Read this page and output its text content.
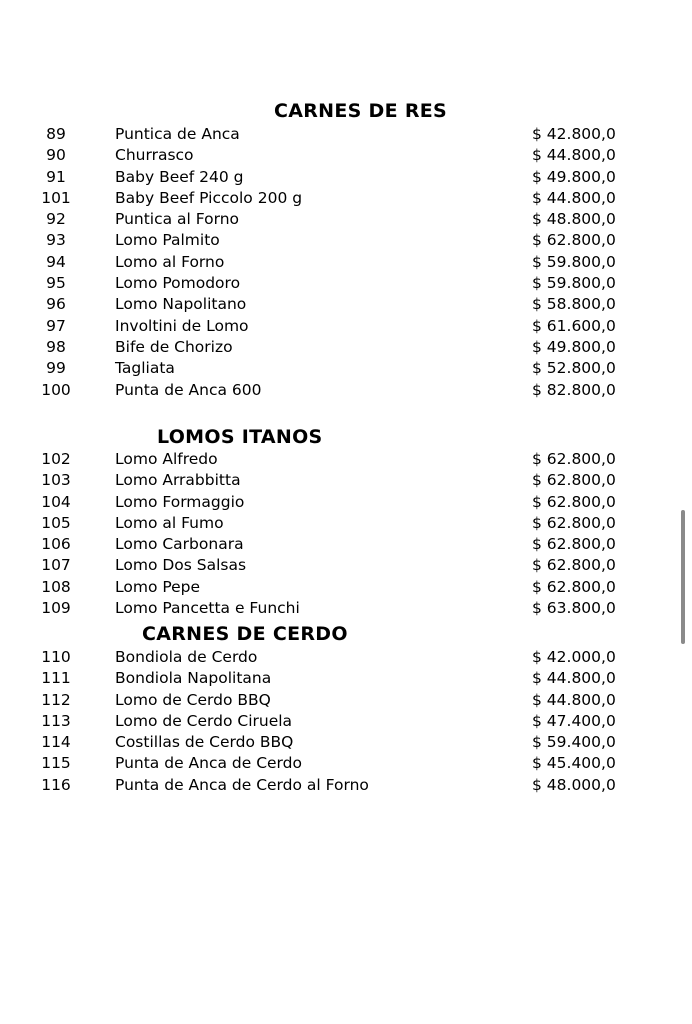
CARNES DE RES
89	Puntica de Anca	$ 42.800,0
90	Churrasco	$ 44.800,0
91	Baby Beef 240 g	$ 49.800,0
101	Baby Beef Piccolo 200 g	$ 44.800,0
92	Puntica al Forno	$ 48.800,0
93	Lomo Palmito	$ 62.800,0
94	Lomo al Forno	$ 59.800,0
95	Lomo Pomodoro	$ 59.800,0
96	Lomo Napolitano	$ 58.800,0
97	Involtini de Lomo	$ 61.600,0
98	Bife de Chorizo	$ 49.800,0
99	Tagliata	$ 52.800,0
100	Punta de Anca 600	$ 82.800,0
LOMOS ITANOS
102	Lomo Alfredo	$ 62.800,0
103	Lomo Arrabbitta	$ 62.800,0
104	Lomo Formaggio	$ 62.800,0
105	Lomo al Fumo	$ 62.800,0
106	Lomo Carbonara	$ 62.800,0
107	Lomo Dos Salsas	$ 62.800,0
108	Lomo Pepe	$ 62.800,0
109	Lomo Pancetta e Funchi	$ 63.800,0
CARNES DE CERDO
110	Bondiola de Cerdo	$ 42.000,0
111	Bondiola Napolitana	$ 44.800,0
112	Lomo de Cerdo BBQ	$ 44.800,0
113	Lomo de Cerdo Ciruela	$ 47.400,0
114	Costillas de Cerdo BBQ	$ 59.400,0
115	Punta de Anca de Cerdo	$ 45.400,0
116	Punta de Anca de Cerdo al Forno	$ 48.000,0
